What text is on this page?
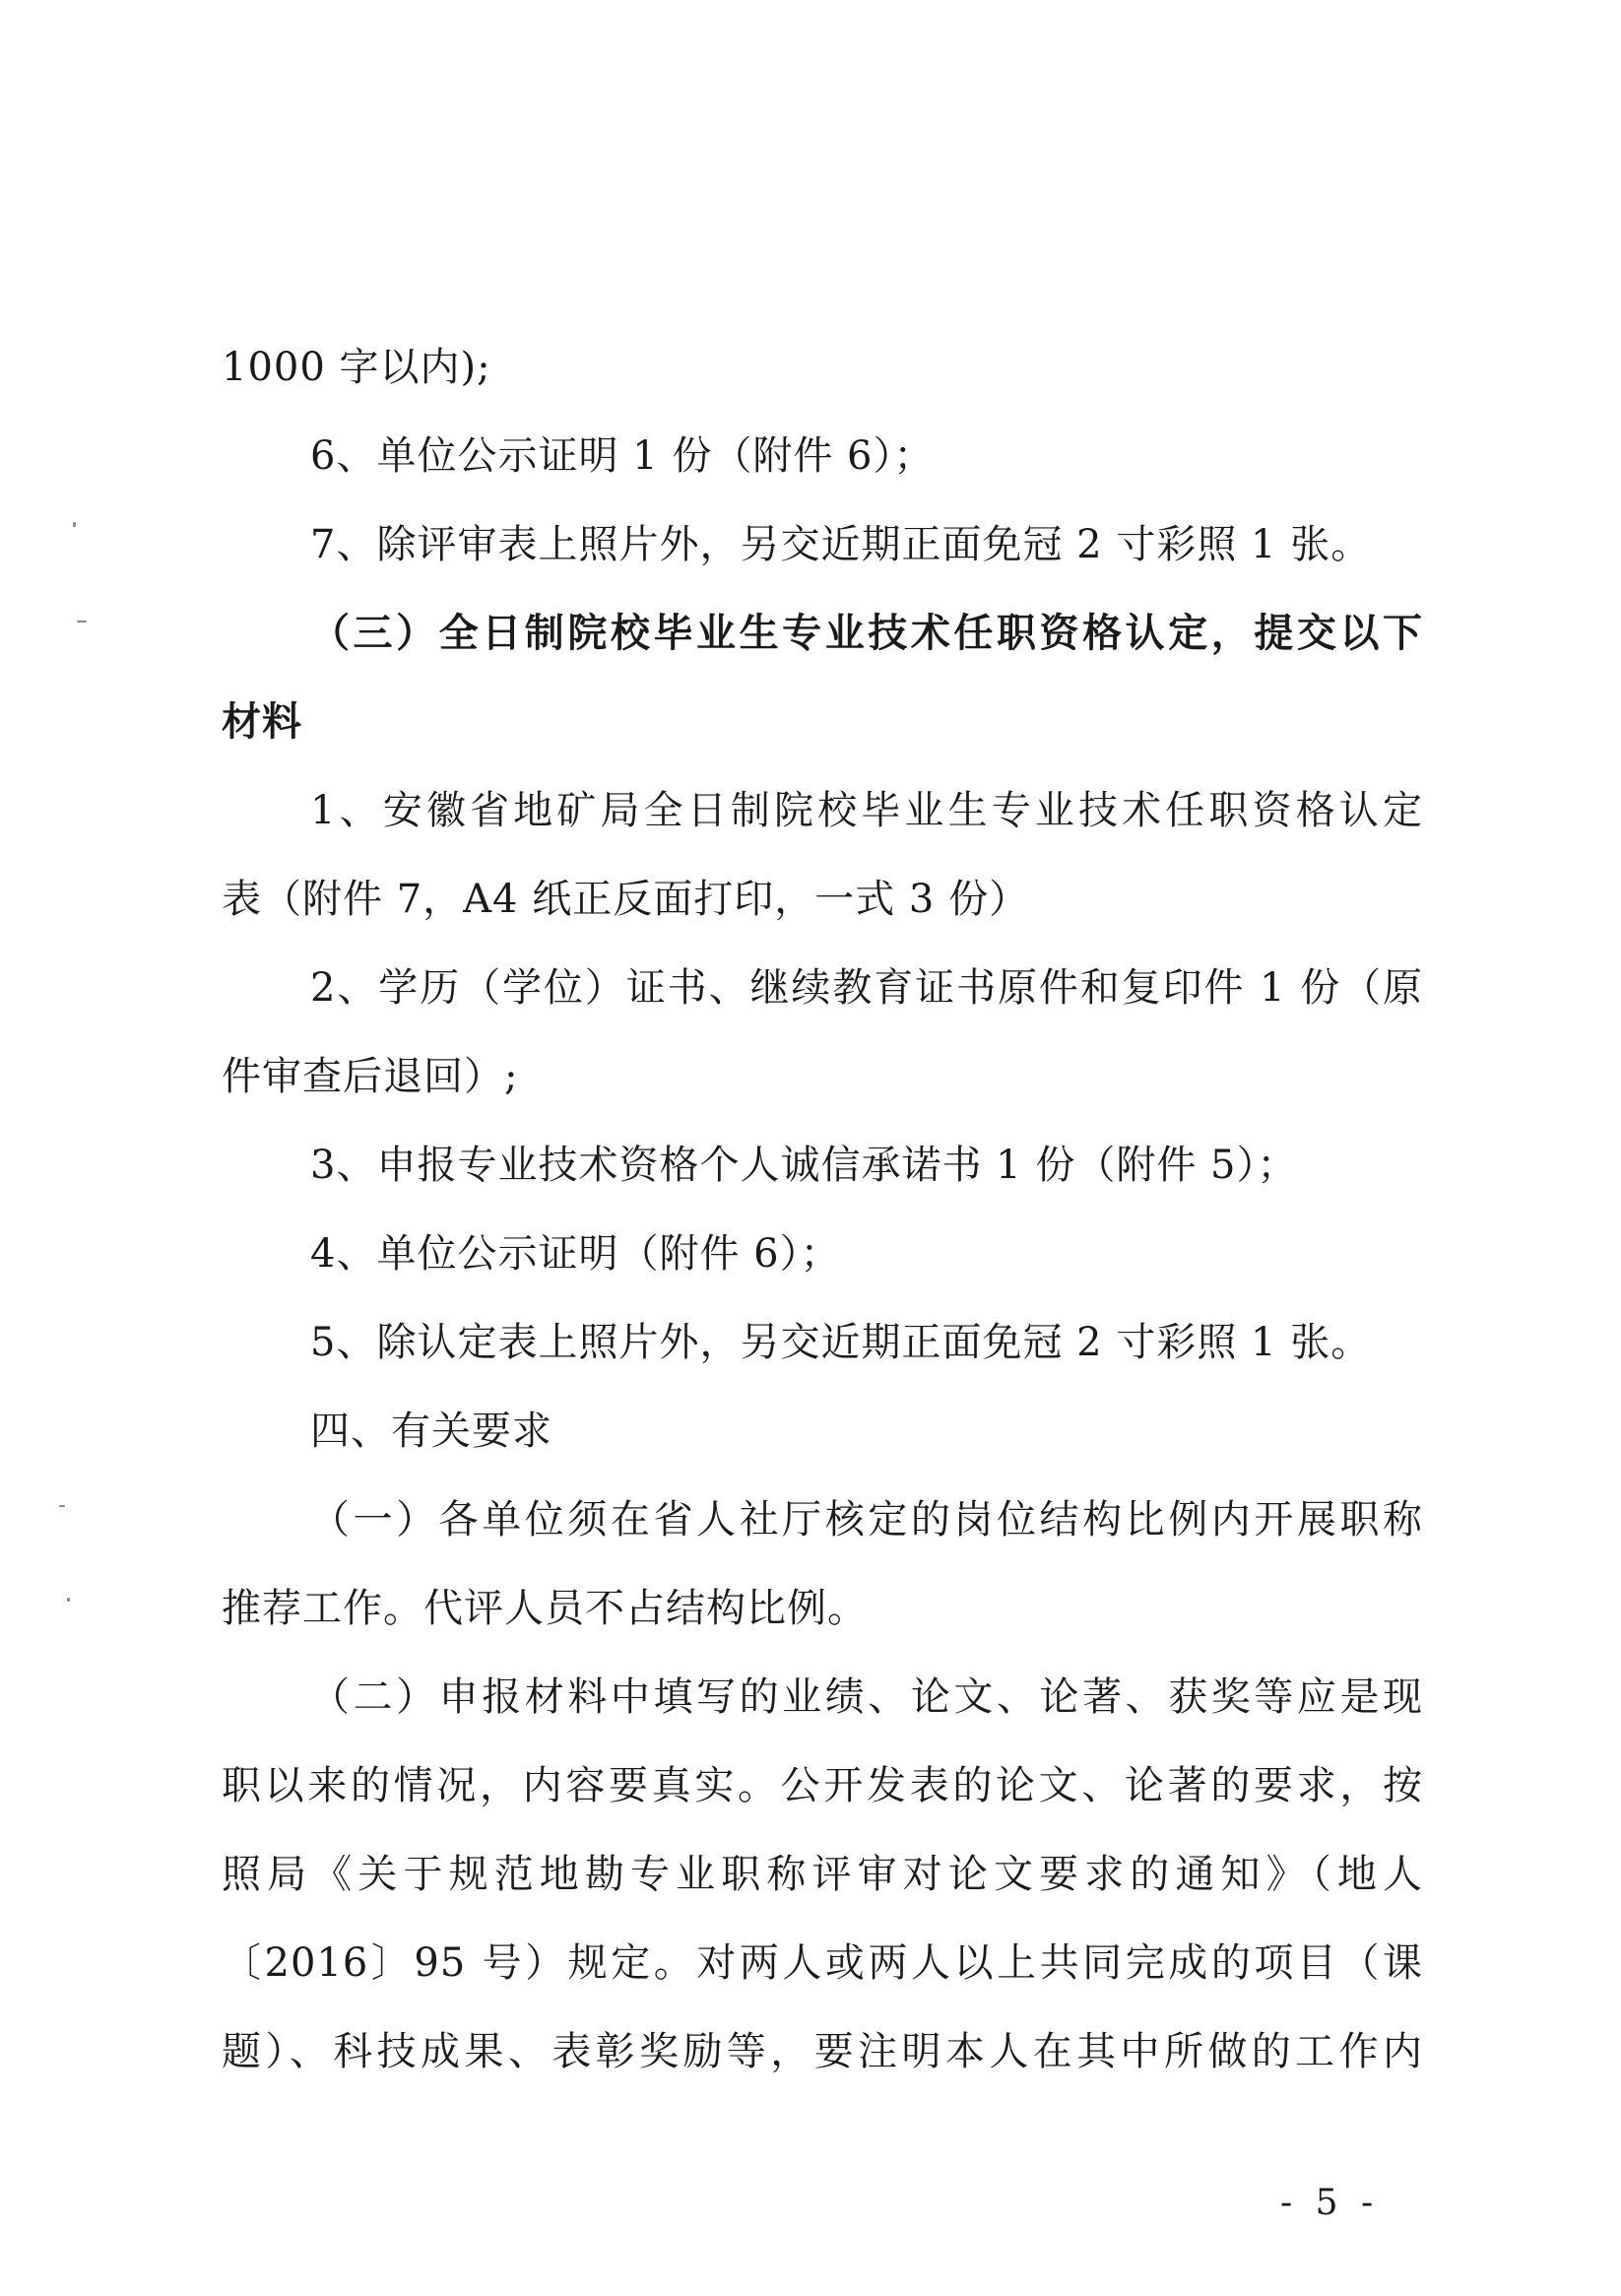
1000 字以内);
6、单位公示证明 1 份（附件 6）；
7、除评审表上照片外，另交近期正面免冠 2 寸彩照 1 张。
（三）全日制院校毕业生专业技术任职资格认定，提交以下
材料
1、安徽省地矿局全日制院校毕业生专业技术任职资格认定
表（附件 7，A4 纸正反面打印，一式 3 份）
2、学历（学位）证书、继续教育证书原件和复印件 1 份（原
件审查后退回）;
3、申报专业技术资格个人诚信承诺书 1 份（附件 5）；
4、单位公示证明（附件 6）；
5、除认定表上照片外，另交近期正面免冠 2 寸彩照 1 张。
四、有关要求
（一）各单位须在省人社厅核定的岗位结构比例内开展职称
推荐工作。代评人员不占结构比例。
（二）申报材料中填写的业绩、论文、论著、获奖等应是现
职以来的情况，内容要真实。公开发表的论文、论著的要求，按
照局《关于规范地勘专业职称评审对论文要求的通知》（地人
〔2016〕95 号）规定。对两人或两人以上共同完成的项目（课
题）、科技成果、表彰奖励等，要注明本人在其中所做的工作内
- 5 -
